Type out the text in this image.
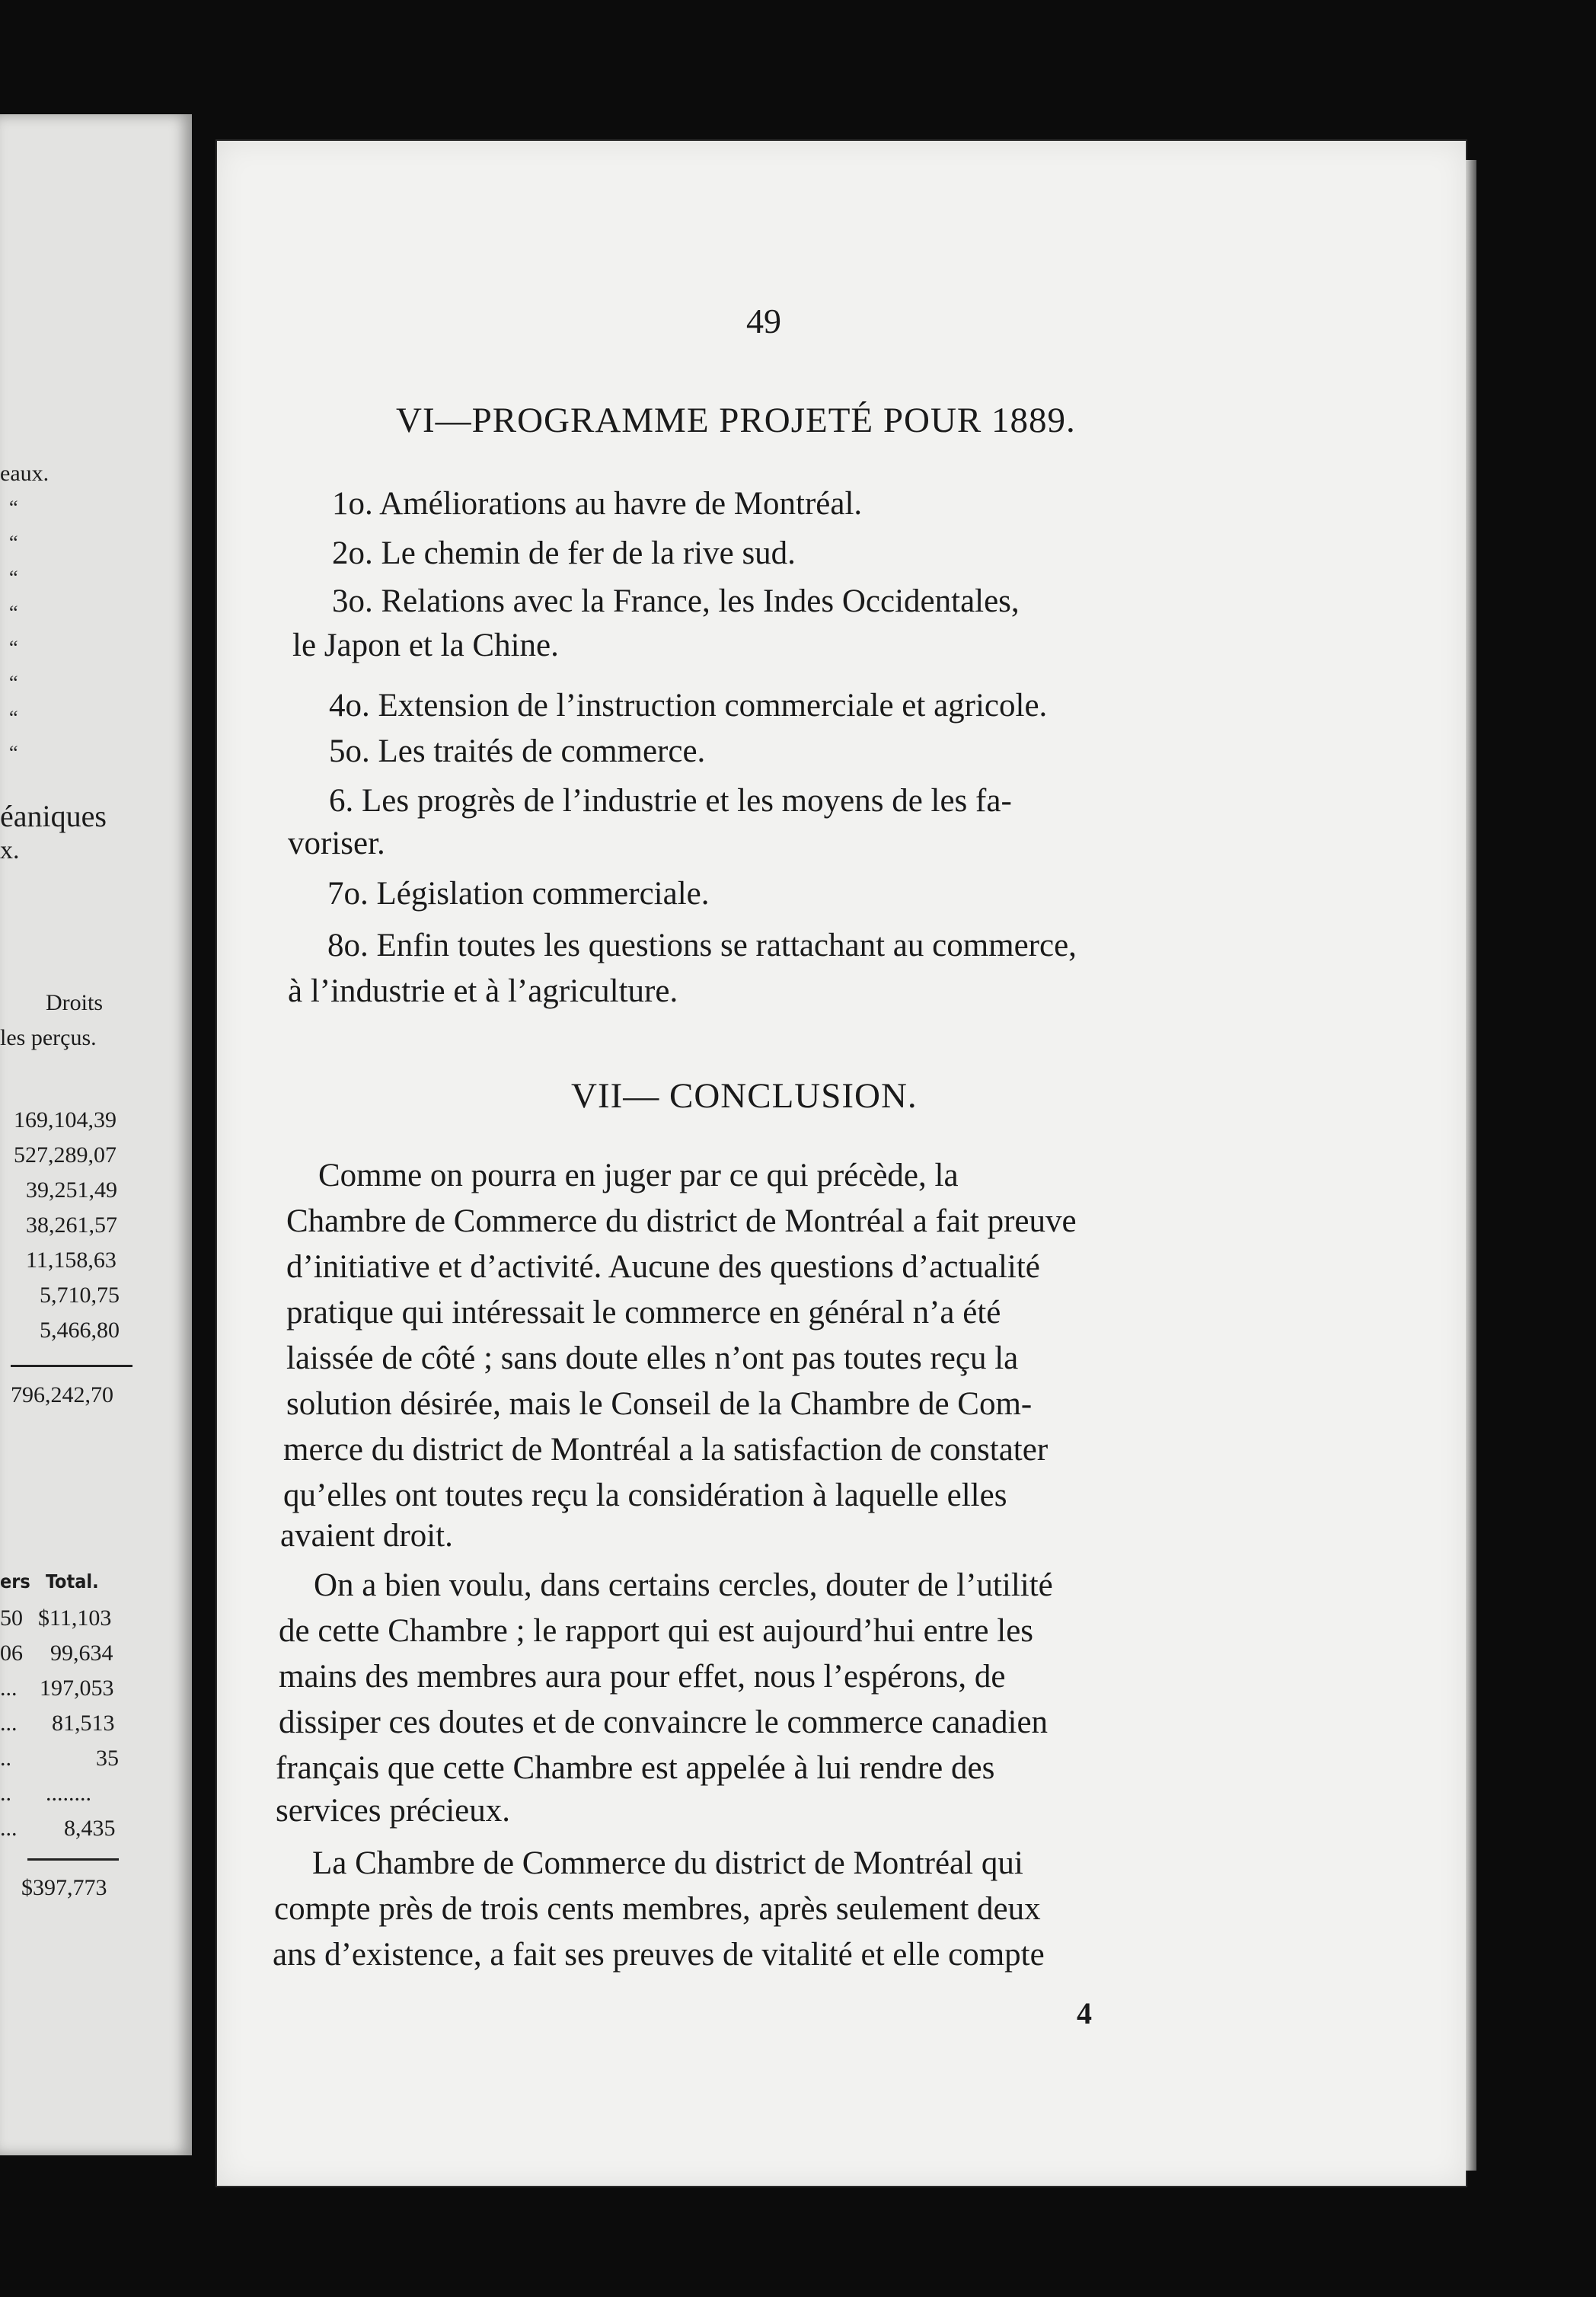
eaux.
“
“
“
“
“
“
“
“
éaniques
x.
Droits
les perçus.
169,104,39
527,289,07
39,251,49
38,261,57
11,158,63
5,710,75
5,466,80
796,242,70
ers Total.
50 $11,103
06 99,634
... 197,053
... 81,513
..	35
.. ........
... 8,435
$397,773
49
VI—PROGRAMME PROJETÉ POUR 1889.
1o. Améliorations au havre de Montréal.
2o. Le chemin de fer de la rive sud.
3o. Relations avec la France, les Indes Occidentales,
le Japon et la Chine.
4o. Extension de l’instruction commerciale et agricole.
5o. Les traités de commerce.
6. Les progrès de l’industrie et les moyens de les fa-
voriser.
7o. Législation commerciale.
8o. Enfin toutes les questions se rattachant au commerce,
à l’industrie et à l’agriculture.
VII— CONCLUSION.
Comme on pourra en juger par ce qui précède, la
Chambre de Commerce du district de Montréal a fait preuve
d’initiative et d’activité. Aucune des questions d’actualité
pratique qui intéressait le commerce en général n’a été
laissée de côté ; sans doute elles n’ont pas toutes reçu la
solution désirée, mais le Conseil de la Chambre de Com-
merce du district de Montréal a la satisfaction de constater
qu’elles ont toutes reçu la considération à laquelle elles
avaient droit.
On a bien voulu, dans certains cercles, douter de l’utilité
de cette Chambre ; le rapport qui est aujourd’hui entre les
mains des membres aura pour effet, nous l’espérons, de
dissiper ces doutes et de convaincre le commerce canadien
français que cette Chambre est appelée à lui rendre des
services précieux.
La Chambre de Commerce du district de Montréal qui
compte près de trois cents membres, après seulement deux
ans d’existence, a fait ses preuves de vitalité et elle compte
4
